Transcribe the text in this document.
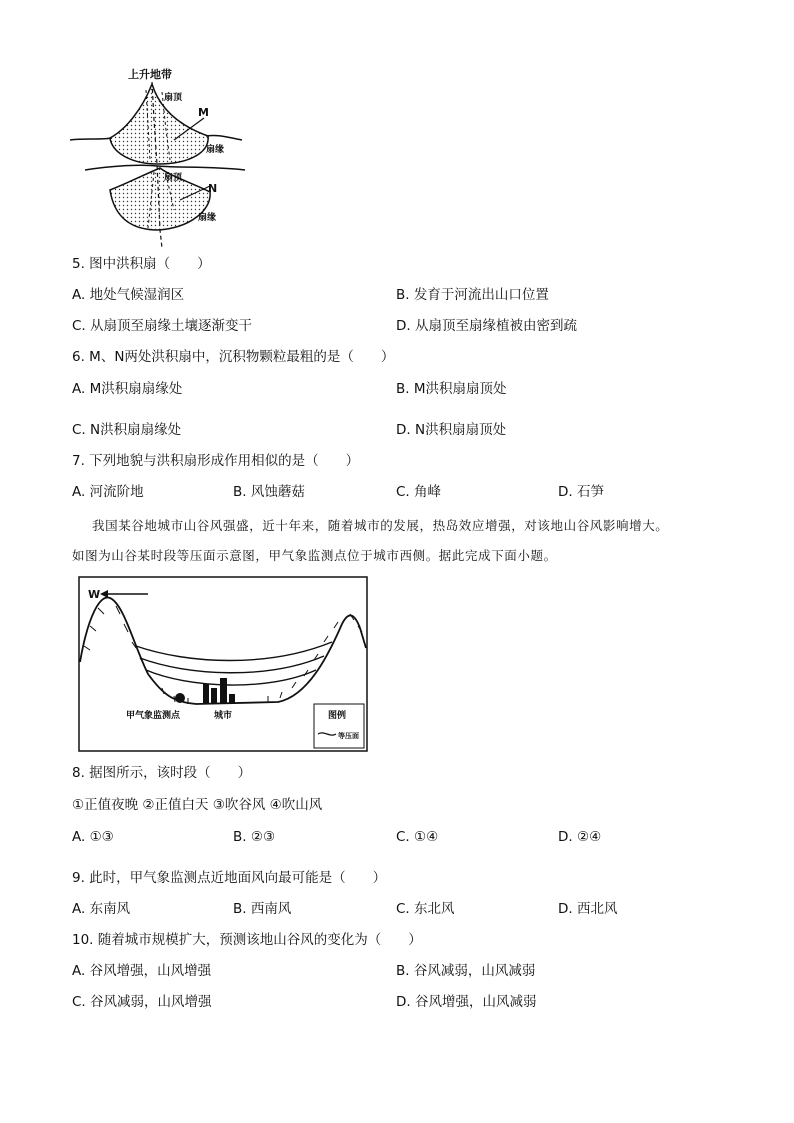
上升地带
扇顶
M
扇缘
扇顶
N
扇缘
5. 图中洪积扇（　　）
A. 地处气候湿润区	B. 发育于河流出山口位置
C. 从扇顶至扇缘土壤逐渐变干	D. 从扇顶至扇缘植被由密到疏
6. M、N两处洪积扇中，沉积物颗粒最粗的是（　　）
A. M洪积扇扇缘处	B. M洪积扇扇顶处
C. N洪积扇扇缘处	D. N洪积扇扇顶处
7. 下列地貌与洪积扇形成作用相似的是（　　）
A. 河流阶地	B. 风蚀蘑菇	C. 角峰	D. 石笋
我国某谷地城市山谷风强盛，近十年来，随着城市的发展，热岛效应增强，对该地山谷风影响增大。
如图为山谷某时段等压面示意图，甲气象监测点位于城市西侧。据此完成下面小题。
W
甲气象监测点	城市	图例
等压面
8. 据图所示，该时段（　　）
①正值夜晚 ②正值白天 ③吹谷风 ④吹山风
A. ①③	B. ②③	C. ①④	D. ②④
9. 此时，甲气象监测点近地面风向最可能是（　　）
A. 东南风	B. 西南风	C. 东北风	D. 西北风
10. 随着城市规模扩大，预测该地山谷风的变化为（　　）
A. 谷风增强，山风增强	B. 谷风减弱，山风减弱
C. 谷风减弱，山风增强	D. 谷风增强，山风减弱
